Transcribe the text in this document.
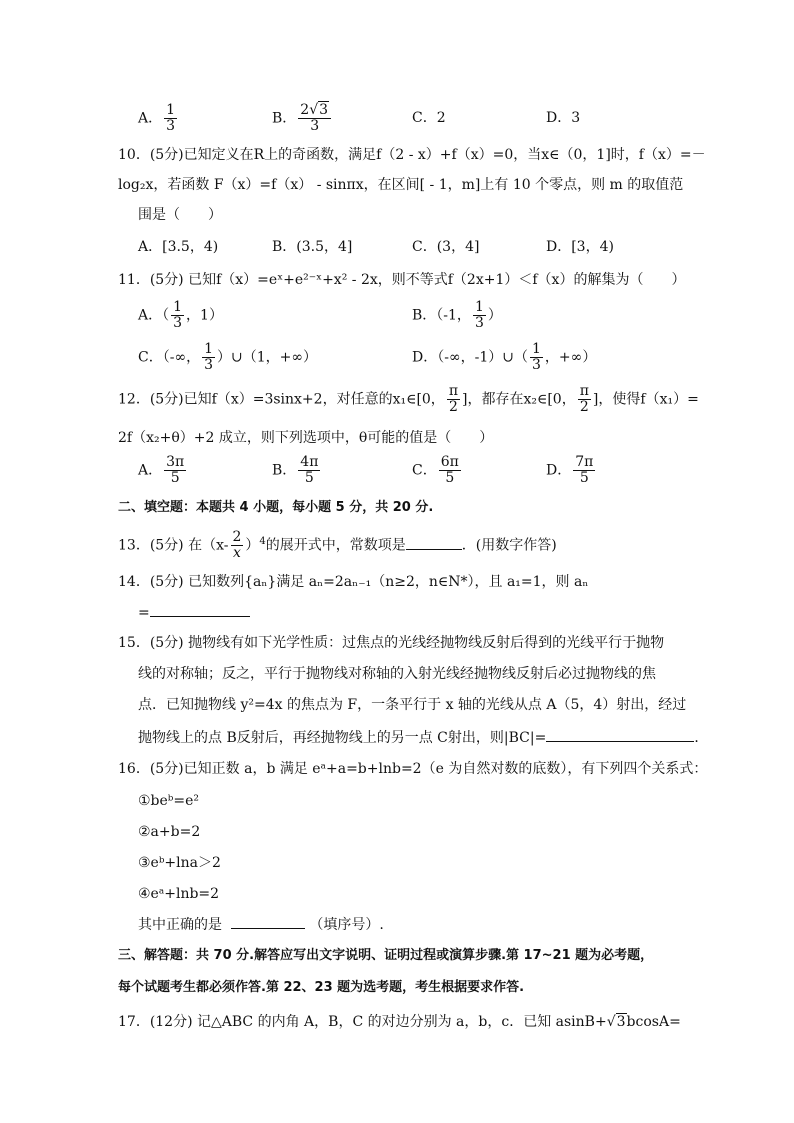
A． $\frac{1}{3}$	B． $\frac{2√3}{3}$	C．2	D．3
10．(5分)已知定义在R上的奇函数，满足f（2 - x）+f（x）=0，当x∈（0，1]时，f（x）=－
log₂x，若函数 F（x）=f（x） - sinπx，在区间[ - 1，m]上有 10 个零点，则 m 的取值范
围是（　　）
A．[3.5，4)	B．(3.5，4]	C．(3，4]	D．[3，4)
11．(5分) 已知f（x）=eˣ+e²⁻ˣ+x² - 2x，则不等式f（2x+1）＜f（x）的解集为（　　）
A．（ $\frac{1}{3}$ ，1）	B．（-1， $\frac{1}{3}$ ）
C．（-∞， $\frac{1}{3}$ ）∪（1，+∞）	D．（-∞，-1）∪（ $\frac{1}{3}$ ，+∞）
12．(5分)已知f（x）=3sinx+2，对任意的x₁∈[0， $\frac{\pi}{2}$ ]，都存在x₂∈[0， $\frac{\pi}{2}$ ]，使得f（x₁）=
2f（x₂+θ）+2 成立，则下列选项中，θ可能的值是（　　）
A． $\frac{3\pi}{5}$	B． $\frac{4\pi}{5}$	C． $\frac{6\pi}{5}$	D． $\frac{7\pi}{5}$
二、填空题：本题共 4 小题，每小题 5 分，共 20 分.
13．(5分) 在$(x- \frac{2}{x} )^4$的展开式中，常数项是	．(用数字作答)
14．(5分) 已知数列{aₙ}满足 aₙ=2aₙ₋₁（n≥2，n∈N*），且 a₁=1，则 aₙ
=
15．(5分) 抛物线有如下光学性质：过焦点的光线经抛物线反射后得到的光线平行于抛物
线的对称轴；反之，平行于抛物线对称轴的入射光线经抛物线反射后必过抛物线的焦
点．已知抛物线 y²=4x 的焦点为 F，一条平行于 x 轴的光线从点 A（5，4）射出，经过
抛物线上的点 B反射后，再经抛物线上的另一点 C射出，则|BC|=	．
16．(5分)已知正数 a，b 满足 eᵃ+a=b+lnb=2（e 为自然对数的底数），有下列四个关系式：
①beᵇ=e²
②a+b=2
③eᵇ+lna＞2
④eᵃ+lnb=2
其中正确的是	（填序号）.
三、解答题：共 70 分.解答应写出文字说明、证明过程或演算步骤.第 17~21 题为必考题，
每个试题考生都必须作答.第 22、23 题为选考题，考生根据要求作答.
17．(12分) 记△ABC 的内角 A，B，C 的对边分别为 a，b，c．已知 asinB+√3bcosA=
